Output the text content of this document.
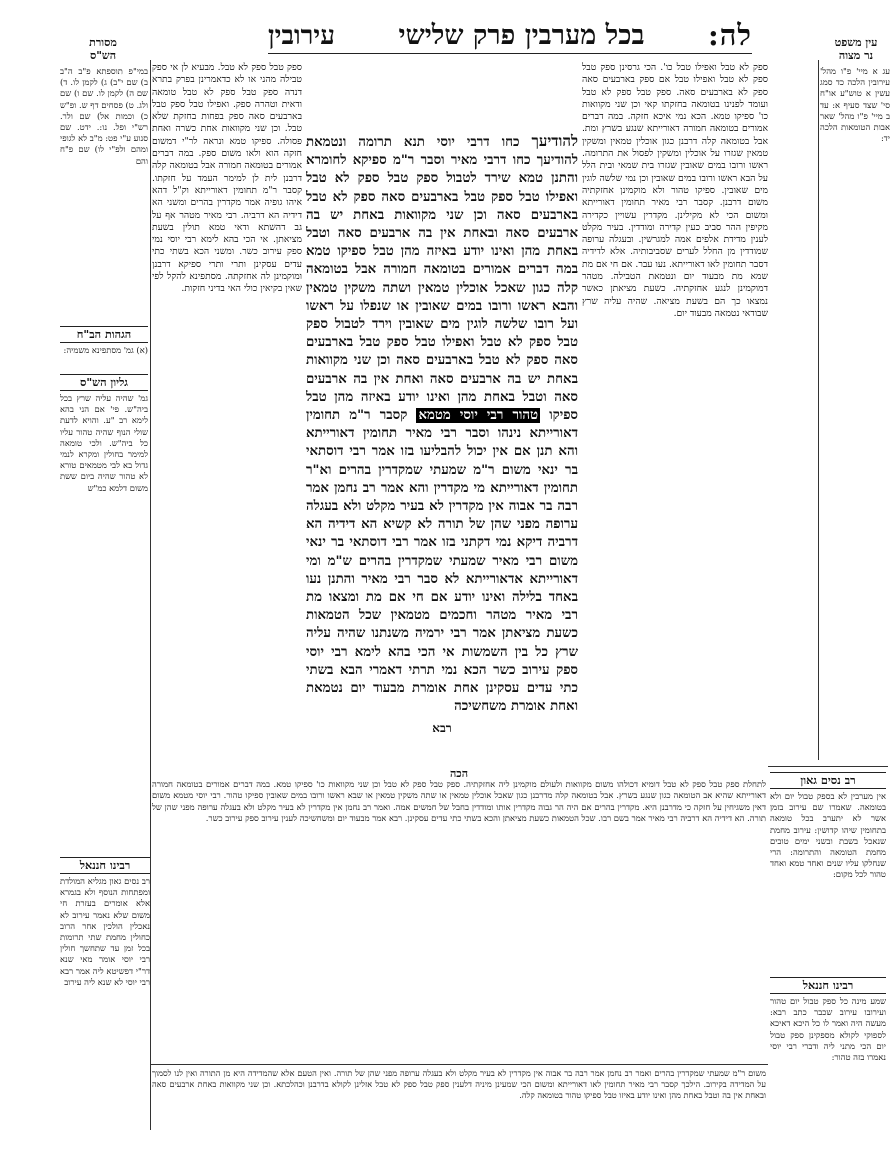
לה:
בכל מערבין פרק שלישי
עירובין	עין משפט
נר מצוה
מסורת
הש"ס
עג א מיי' פ"ו מהל' עירובין הלכה כד סמג עשין א טוש"ע או"ח סי' שצד סעיף א: עד ב מיי' פ"ו מהל' שאר אבות הטומאות הלכה יד:
רב נסים גאון
אין מערבין לא בספק טבול יום ולא בטומאה. שאמרו שם עירוב בזמן אשר לא יתערב בכל טומאה בתחומין שיהו קדושין: עירוב מחמת שנאכל בשבת ובשני ימים טובים מחמת הטומאה והתרומה: הרי שנחלקו עליו שנים ואחד טמא ואחד טהור לכל מקום:
רבינו חננאל
שמע מינה כל ספק טבול יום טהור ועירובו עירוב שכבר כתב רבא: מעשה היה ואמר לו כל היכא דאיכא לספוקי לקולא מספקינן ספק טבול יום הכי מתני ליה ודברי רבי יוסי נאמרו בזה טהור:
במי"פ תוספתא פ"ב ה"ב ב) שם י"ב) ג) לקמן לו. ד) שם ה) לקמן לו. שם ו) שם ולג. ט) פסחים דף ש. ופ"ש כ) וכמות אל) שם ולר. רש"י ופל. נו:. ידט. שם סנוע ע"י פט: מ"ב לא לגופי ומהם ולפ"י לו) שם פ"ח והם
הגהות הב"ח
(א) גמ' מסתפינא משמיה:
גליון הש"ס
גמ' שהיה עליה שרץ בכל ביה"ש. פי' אם הני בהא לימא רב "ע. והויא לדעת שולי הנוף שהיה טהור עליו כל ביה"ש. ולכי טומאה למימר בחולין ומקרא לנמי גדול בא לבי מטמאים טורא לא טהור שהיה ביום ששת משום דלמא כמ"ש
רבינו חננאל
רב נסים גאון מגליא המולדת ומפתחות הנוסף ולא בגמרא אלא אומרים בעזרת חי משום שלא נאמר עירוב לא נאכלין הולכין אחר הרוב כחולין מחמת שתי תרומות בכל זמן עד שתחשך חולין רבי יוסי אומר מאי שנא דר"י דפשיטא ליה אמר רבא רבי יוסי לא שנא ליה עירוב
ספק לא טבל ואפילו טבל כו'. הכי גרסינן ספק טבל ספק לא טבל ואפילו טבל אם ספק בארבעים סאה ספק לא בארבעים סאה. ספק טבל ספק לא טבל ועומד לפנינו בטומאה בחזקתו קאי וכן שני מקוואות כו' ספיקו טמא. הכא נמי איכא חזקה. במה דברים אמורים בטומאה חמורה דאורייתא שנגע בשרץ ומת. אבל בטומאה קלה דרבנן כגון אוכלין טמאין ומשקין טמאין שגזרו על אוכלין ומשקין לפסול את התרומה. ראשו ורובו במים שאובין שגזרו בית שמאי ובית הלל על הבא ראשו ורובו במים שאובין וכן נמי שלשה לוגין מים שאובין. ספיקו טהור ולא מוקמינן אחזקתיה משום דרבנן. קסבר רבי מאיר תחומין דאורייתא ומשום הכי לא מקילינן. מקדרין עשויין כקדירה מקיפין ההר סביב כעין קדירה ומודדין. בעיר מקלט לענין מדידת אלפים אמה למגרשין. ובעגלה ערופה שמודדין מן החלל לערים שסביבותיה. אלא לדידיה דסבר תחומין לאו דאורייתא. נעו עבר. אם חי אם מת שמא מת מבעוד יום ונטמאת הטבילה. מטהר דמוקמינן לנגע אחזקתיה. כשעת מציאתן כאשר נמצאו כך הם בשעת מציאה. שהיה עליה שרץ שבודאי נטמאה מבעוד יום.
ספק טבל ספק לא טבל. מבעיא לן אי ספק טבילה מהני או לא כדאמרינן בפרק בתרא דנדה ספק טבל ספק לא טבל טומאה ודאית וטהרה ספק. ואפילו טבל ספק טבל בארבעים סאה ספק בפחות בחזקת שלא טבל. וכן שני מקוואות אחת כשרה ואחת פסולה. ספיקו טמא ונראה לר"י דמשום חזקה הוא ולאו משום ספק. במה דברים אמורים בטומאה חמורה אבל בטומאה קלה דרבנן לית לן למימר העמד על חזקתו. קסבר ר"מ תחומין דאורייתא וק"ל דהא איהו גופיה אמר מקדרין בהרים ומשני הא דידיה הא דרביה. רבי מאיר מטהר אף על גב דהשתא ודאי טמא תולין בשעת מציאתן. אי הכי בהא לימא רבי יוסי נמי ספק עירוב כשר. ומשני הכא בשתי כתי עדים עסקינן ותרי ותרי ספיקא דרבנן ומוקמינן לה אחזקתה. מסתפינא להקל לפי שאין בקיאין כולי האי בדיני חזקות.
להודיעך כחו דרבי יוסי תנא תרומה ונטמאת להודיעך כחו דרבי מאיר וסבר ר"מ ספיקא לחומרא והתנן טמא שירד לטבול ספק טבל ספק לא טבל ואפילו טבל ספק טבל בארבעים סאה ספק לא טבל בארבעים סאה וכן שני מקוואות באחת יש בה ארבעים סאה ובאחת אין בה ארבעים סאה וטבל באחת מהן ואינו יודע באיזה מהן טבל ספיקו טמא במה דברים אמורים בטומאה חמורה אבל בטומאה קלה כגון שאכל אוכלין טמאין ושתה משקין טמאין והבא ראשו ורובו במים שאובין או שנפלו על ראשו ועל רובו שלשה לוגין מים שאובין וירד לטבול ספק טבל ספק לא טבל ואפילו טבל ספק טבל בארבעים סאה ספק לא טבל בארבעים סאה וכן שני מקוואות באחת יש בה ארבעים סאה ואחת אין בה ארבעים סאה וטבל באחת מהן ואינו יודע באיזה מהן טבל ספיקו טהור רבי יוסי מטמא קסבר ר"מ תחומין דאורייתא נינהו וסבר רבי מאיר תחומין דאורייתא והא תנן אם אין יכול להבליעו בזו אמר רבי דוסתאי בר ינאי משום ר"מ שמעתי שמקדרין בהרים וא"ר תחומין דאורייתא מי מקדרין והא אמר רב נחמן אמר רבה בר אבוה אין מקדרין לא בעיר מקלט ולא בעגלה ערופה מפני שהן של תורה לא קשיא הא דידיה הא דרביה דיקא נמי דקתני בזו אמר רבי דוסתאי בר ינאי משום רבי מאיר שמעתי שמקדרין בהרים ש"מ ומי דאורייתא אדאורייתא לא סבר רבי מאיר והתנן נעו באחד בלילה ואינו יודע אם חי אם מת ומצאו מת רבי מאיר מטהר וחכמים מטמאין שכל הטמאות כשעת מציאתן אמר רבי ירמיה משנתנו שהיה עליה שרץ כל בין השמשות אי הכי בהא לימא רבי יוסי ספק עירוב כשר הכא נמי תרתי דאמרי הבא בשתי כתי עדים עסקינן אחת אומרת מבעוד יום נטמאת ואחת אומרת משחשיכה
רבא
הכה
לתחלת ספק טבל ספק לא טבל דומיא דכולהו משום מקוואות ולעולם מוקמינן ליה אחזקתיה. ספק טבל ספק לא טבל וכן שני מקוואות כו' ספיקו טמא. במה דברים אמורים בטומאה חמורה דאורייתא שהיא אב הטומאה כגון שנגע בשרץ. אבל בטומאה קלה מדרבנן כגון שאכל אוכלין טמאין או שתה משקין טמאין או שבא ראשו ורובו במים שאובין ספיקו טהור. רבי יוסי מטמא משום דאין משגיחין על חזקה כי מדרבנן היא. מקדרין בהרים אם היה הר גבוה מקדרין אותו ומודדין בחבל של חמשים אמה. ואמר רב נחמן אין מקדרין לא בעיר מקלט ולא בעגלה ערופה מפני שהן של תורה. הא דידיה הא דרביה רבי מאיר אמר בשם רבו. שכל הטמאות כשעת מציאתן והכא בשתי כתי עדים עסקינן. רבא אמר מבעוד יום ומשחשיכה לענין עירוב ספק עירוב כשר.
משום ר"מ שמעתי שמקדרין בהרים ואמר רב נחמן אמר רבה בר אבוה אין מקדרין לא בעיר מקלט ולא בעגלה ערופה מפני שהן של תורה. ואין הטעם אלא שהמדידה היא מן התורה ואין לנו לסמוך על המדידה בקירוב. הילכך קסבר רבי מאיר תחומין לאו דאורייתא ומשום הכי שמעינן מיניה דלענין ספק טבל ספק לא טבל אזלינן לקולא בדרבנן וכהלכתא. וכן שני מקוואות באחת ארבעים סאה ובאחת אין בה וטבל באחת מהן ואינו יודע באיזו טבל ספיקו טהור בטומאה קלה.
